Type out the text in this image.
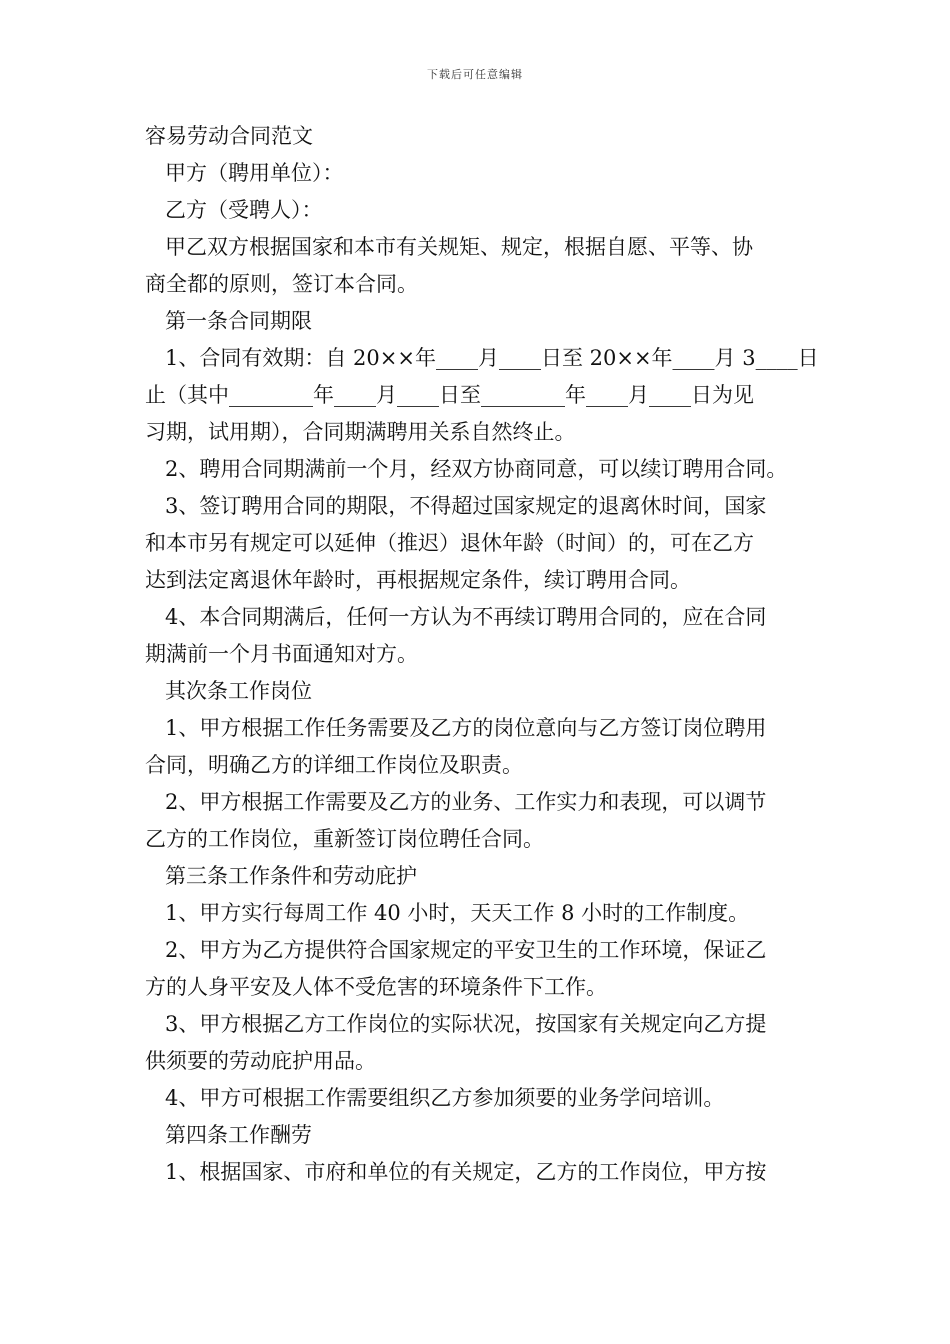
下载后可任意编辑

容易劳动合同范文

甲方（聘用单位）：

乙方（受聘人）：

甲乙双方根据国家和本市有关规矩、规定，根据自愿、平等、协

商全都的原则，签订本合同。

第一条合同期限

1、合同有效期：自 20××年____月____日至 20××年____月 3____日

止（其中________年____月____日至________年____月____日为见

习期，试用期），合同期满聘用关系自然终止。

2、聘用合同期满前一个月，经双方协商同意，可以续订聘用合同。

3、签订聘用合同的期限，不得超过国家规定的退离休时间，国家

和本市另有规定可以延伸（推迟）退休年龄（时间）的，可在乙方

达到法定离退休年龄时，再根据规定条件，续订聘用合同。

4、本合同期满后，任何一方认为不再续订聘用合同的，应在合同

期满前一个月书面通知对方。

其次条工作岗位

1、甲方根据工作任务需要及乙方的岗位意向与乙方签订岗位聘用

合同，明确乙方的详细工作岗位及职责。

2、甲方根据工作需要及乙方的业务、工作实力和表现，可以调节

乙方的工作岗位，重新签订岗位聘任合同。

第三条工作条件和劳动庇护

1、甲方实行每周工作 40 小时，天天工作 8 小时的工作制度。

2、甲方为乙方提供符合国家规定的平安卫生的工作环境，保证乙

方的人身平安及人体不受危害的环境条件下工作。

3、甲方根据乙方工作岗位的实际状况，按国家有关规定向乙方提

供须要的劳动庇护用品。

4、甲方可根据工作需要组织乙方参加须要的业务学问培训。

第四条工作酬劳

1、根据国家、市府和单位的有关规定，乙方的工作岗位，甲方按
